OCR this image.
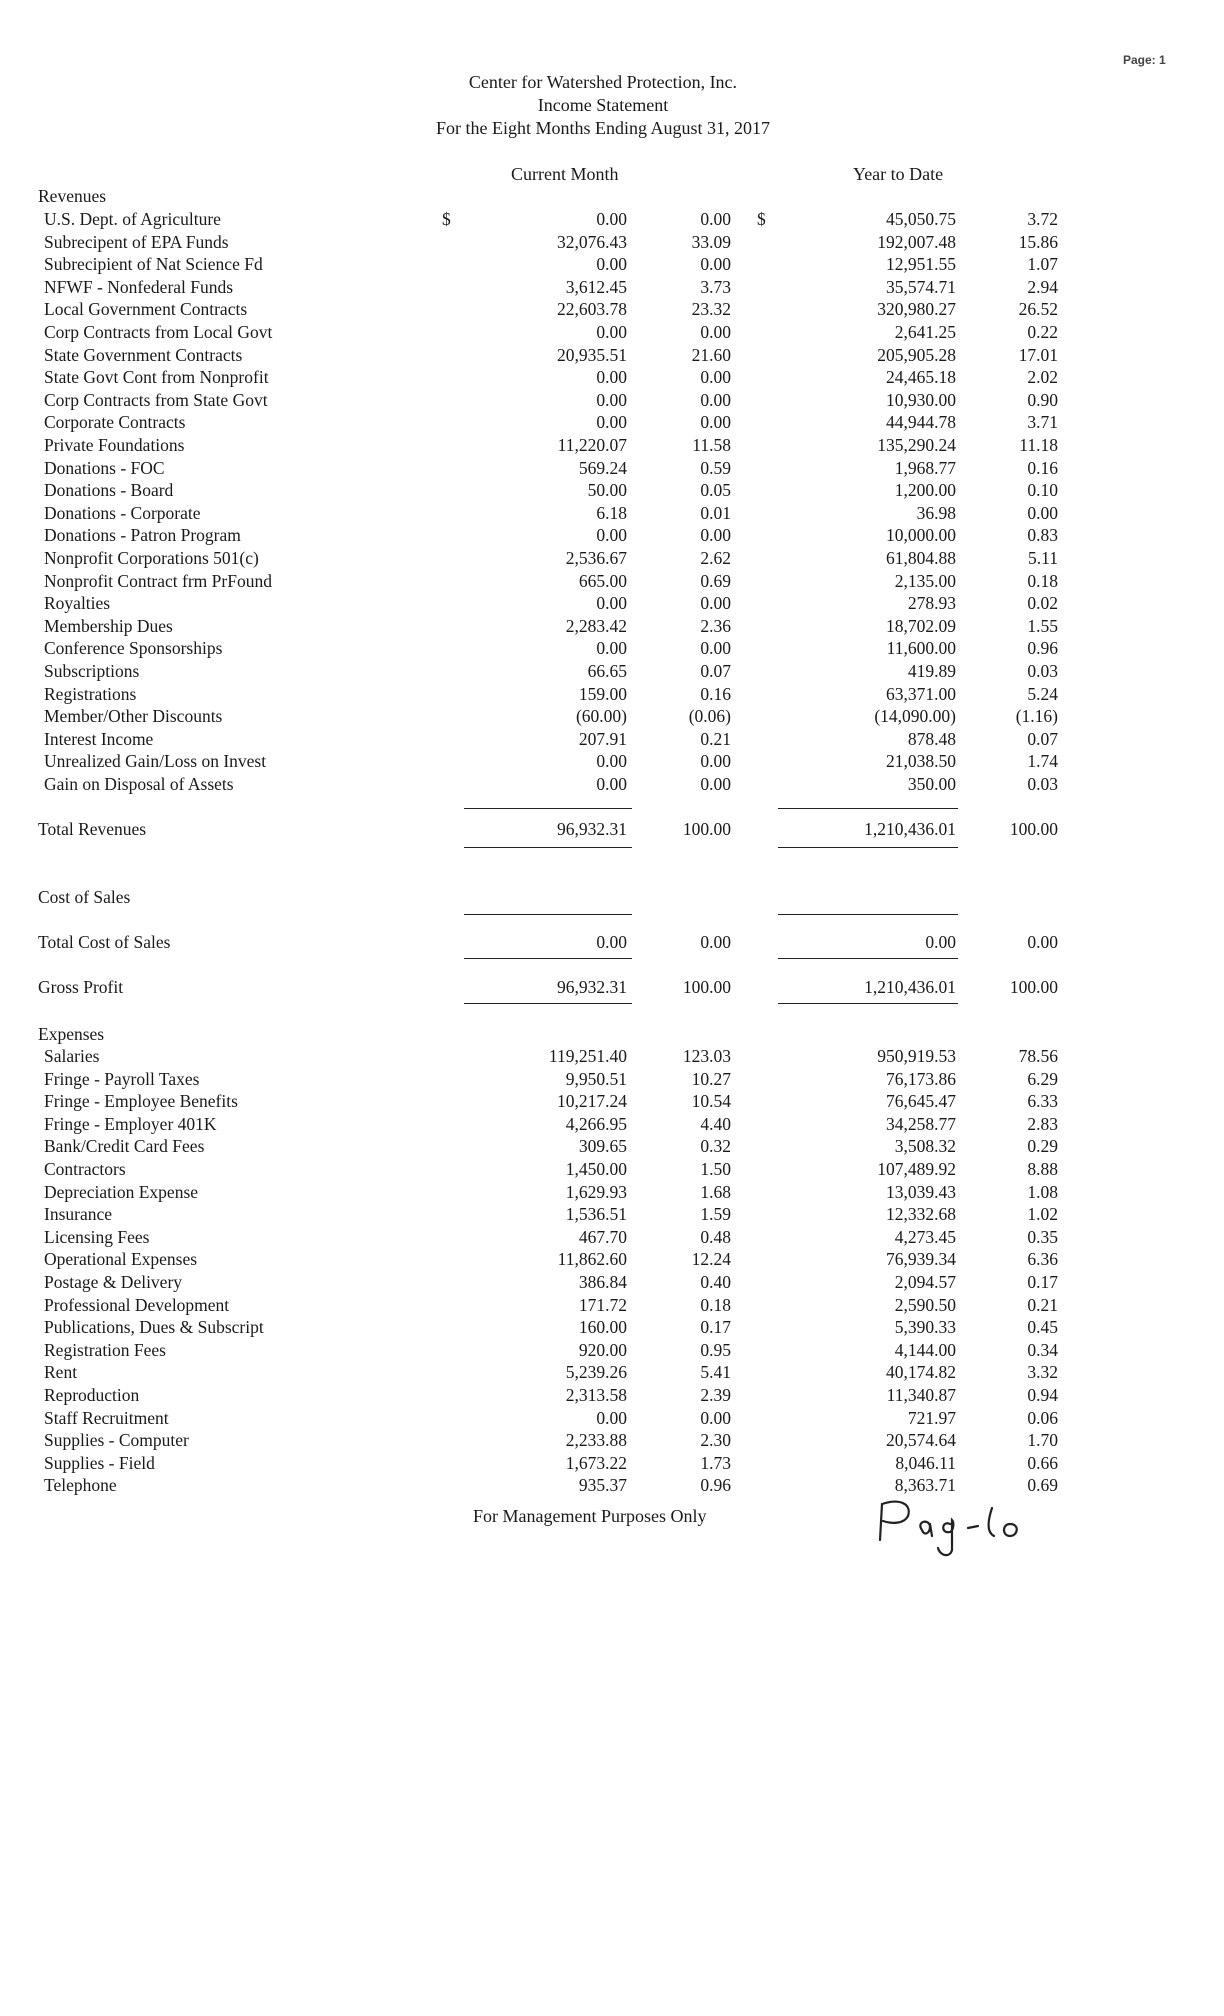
Page: 1
Center for Watershed Protection, Inc.
Income Statement
For the Eight Months Ending August 31, 2017
Current Month	Year to Date
Revenues
U.S. Dept. of Agriculture	0.00	0.00	45,050.75	3.72
Subrecipent of EPA Funds	32,076.43	33.09	192,007.48	15.86
Subrecipient of Nat Science Fd	0.00	0.00	12,951.55	1.07
NFWF - Nonfederal Funds	3,612.45	3.73	35,574.71	2.94
Local Government Contracts	22,603.78	23.32	320,980.27	26.52
Corp Contracts from Local Govt	0.00	0.00	2,641.25	0.22
State Government Contracts	20,935.51	21.60	205,905.28	17.01
State Govt Cont from Nonprofit	0.00	0.00	24,465.18	2.02
Corp Contracts from State Govt	0.00	0.00	10,930.00	0.90
Corporate Contracts	0.00	0.00	44,944.78	3.71
Private Foundations	11,220.07	11.58	135,290.24	11.18
Donations - FOC	569.24	0.59	1,968.77	0.16
Donations - Board	50.00	0.05	1,200.00	0.10
Donations - Corporate	6.18	0.01	36.98	0.00
Donations - Patron Program	0.00	0.00	10,000.00	0.83
Nonprofit Corporations 501(c)	2,536.67	2.62	61,804.88	5.11
Nonprofit Contract frm PrFound	665.00	0.69	2,135.00	0.18
Royalties	0.00	0.00	278.93	0.02
Membership Dues	2,283.42	2.36	18,702.09	1.55
Conference Sponsorships	0.00	0.00	11,600.00	0.96
Subscriptions	66.65	0.07	419.89	0.03
Registrations	159.00	0.16	63,371.00	5.24
Member/Other Discounts	(60.00)	(0.06)	(14,090.00)	(1.16)
Interest Income	207.91	0.21	878.48	0.07
Unrealized Gain/Loss on Invest	0.00	0.00	21,038.50	1.74
Gain on Disposal of Assets	0.00	0.00	350.00	0.03
$	$
Total Revenues	96,932.31	100.00	1,210,436.01	100.00
Cost of Sales
Total Cost of Sales	0.00	0.00	0.00	0.00
Gross Profit	96,932.31	100.00	1,210,436.01	100.00
Expenses
Salaries	119,251.40	123.03	950,919.53	78.56
Fringe - Payroll Taxes	9,950.51	10.27	76,173.86	6.29
Fringe - Employee Benefits	10,217.24	10.54	76,645.47	6.33
Fringe - Employer 401K	4,266.95	4.40	34,258.77	2.83
Bank/Credit Card Fees	309.65	0.32	3,508.32	0.29
Contractors	1,450.00	1.50	107,489.92	8.88
Depreciation Expense	1,629.93	1.68	13,039.43	1.08
Insurance	1,536.51	1.59	12,332.68	1.02
Licensing Fees	467.70	0.48	4,273.45	0.35
Operational Expenses	11,862.60	12.24	76,939.34	6.36
Postage & Delivery	386.84	0.40	2,094.57	0.17
Professional Development	171.72	0.18	2,590.50	0.21
Publications, Dues & Subscript	160.00	0.17	5,390.33	0.45
Registration Fees	920.00	0.95	4,144.00	0.34
Rent	5,239.26	5.41	40,174.82	3.32
Reproduction	2,313.58	2.39	11,340.87	0.94
Staff Recruitment	0.00	0.00	721.97	0.06
Supplies - Computer	2,233.88	2.30	20,574.64	1.70
Supplies - Field	1,673.22	1.73	8,046.11	0.66
Telephone	935.37	0.96	8,363.71	0.69
For Management Purposes Only
